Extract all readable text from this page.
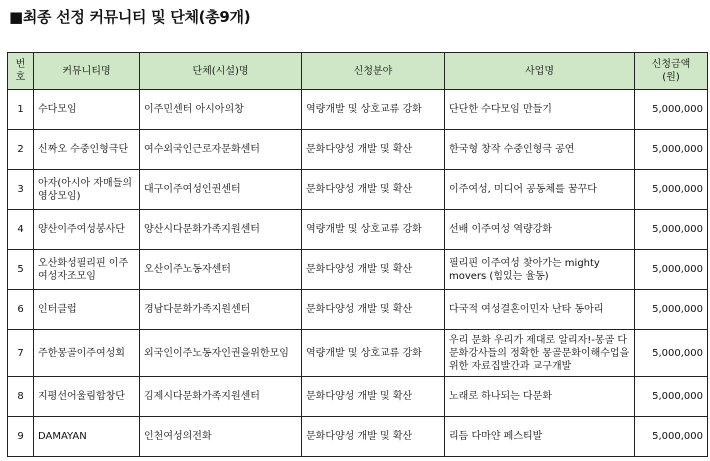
■최종 선정 커뮤니티 및 단체(총9개)
번호	커뮤니티명	단체(시설)명	신청분야	사업명	신청금액
(원)
1	수다모임	이주민센터 아시아의창	역량개발 및 상호교류 강화	단단한 수다모임 만들기	5,000,000
2	신짜오 수중인형극단	여수외국인근로자문화센터	문화다양성 개발 및 확산	한국형 창작 수중인형극 공연	5,000,000
3	아자(아시아 자매들의 영상모임)	대구이주여성인권센터	문화다양성 개발 및 확산	이주여성, 미디어 공동체를 꿈꾸다	5,000,000
4	양산이주여성봉사단	양산시다문화가족지원센터	역량개발 및 상호교류 강화	선배 이주여성 역량강화	5,000,000
5	오산화성필리핀 이주여성자조모임	오산이주노동자센터	문화다양성 개발 및 확산	필리핀 이주여성 찾아가는 mighty movers (힘있는 율동)	5,000,000
6	인터클럽	경남다문화가족지원센터	문화다양성 개발 및 확산	다국적 여성결혼이민자 난타 동아리	5,000,000
7	주한몽골이주여성회	외국인이주노동자인권을위한모임	역량개발 및 상호교류 강화	우리 문화 우리가 제대로 알리자!-몽골 다문화강사들의 정확한 몽골문화이해수업을 위한 자료집발간과 교구개발	5,000,000
8	지평선어울림합창단	김제시다문화가족지원센터	문화다양성 개발 및 확산	노래로 하나되는 다문화	5,000,000
9	DAMAYAN	인천여성의전화	문화다양성 개발 및 확산	리듬 다마얀 페스티발	5,000,000
